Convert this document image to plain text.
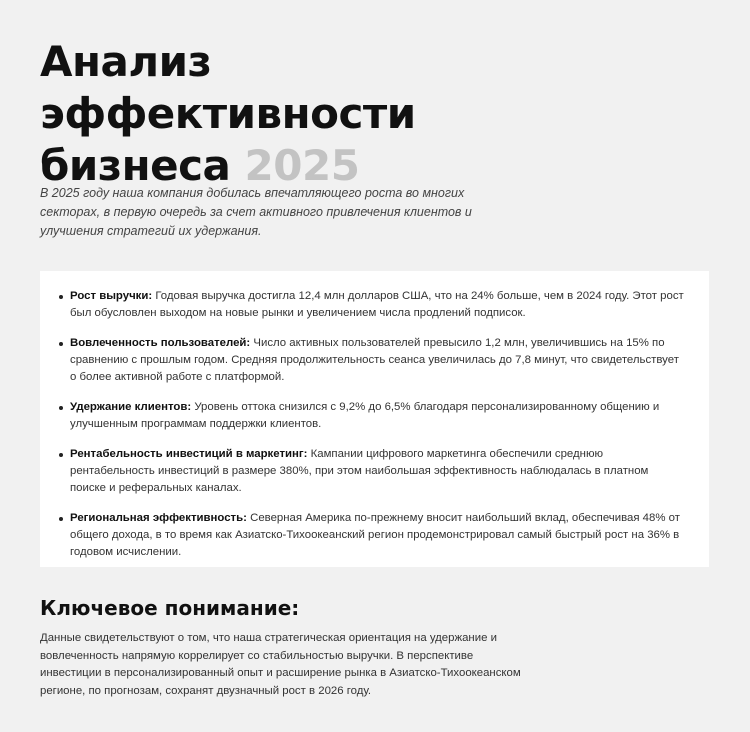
Анализ
эффективности
бизнеса 2025

В 2025 году наша компания добилась впечатляющего роста во многих секторах, в первую очередь за счет активного привлечения клиентов и улучшения стратегий их удержания.

Рост выручки: Годовая выручка достигла 12,4 млн долларов США, что на 24% больше, чем в 2024 году. Этот рост был обусловлен выходом на новые рынки и увеличением числа продлений подписок.
Вовлеченность пользователей: Число активных пользователей превысило 1,2 млн, увеличившись на 15% по сравнению с прошлым годом. Средняя продолжительность сеанса увеличилась до 7,8 минут, что свидетельствует о более активной работе с платформой.
Удержание клиентов: Уровень оттока снизился с 9,2% до 6,5% благодаря персонализированному общению и улучшенным программам поддержки клиентов.
Рентабельность инвестиций в маркетинг: Кампании цифрового маркетинга обеспечили среднюю рентабельность инвестиций в размере 380%, при этом наибольшая эффективность наблюдалась в платном поиске и реферальных каналах.
Региональная эффективность: Северная Америка по-прежнему вносит наибольший вклад, обеспечивая 48% от общего дохода, в то время как Азиатско-Тихоокеанский регион продемонстрировал самый быстрый рост на 36% в годовом исчислении.
Ключевое понимание:

Данные свидетельствуют о том, что наша стратегическая ориентация на удержание и вовлеченность напрямую коррелирует со стабильностью выручки. В перспективе инвестиции в персонализированный опыт и расширение рынка в Азиатско-Тихоокеанском регионе, по прогнозам, сохранят двузначный рост в 2026 году.
